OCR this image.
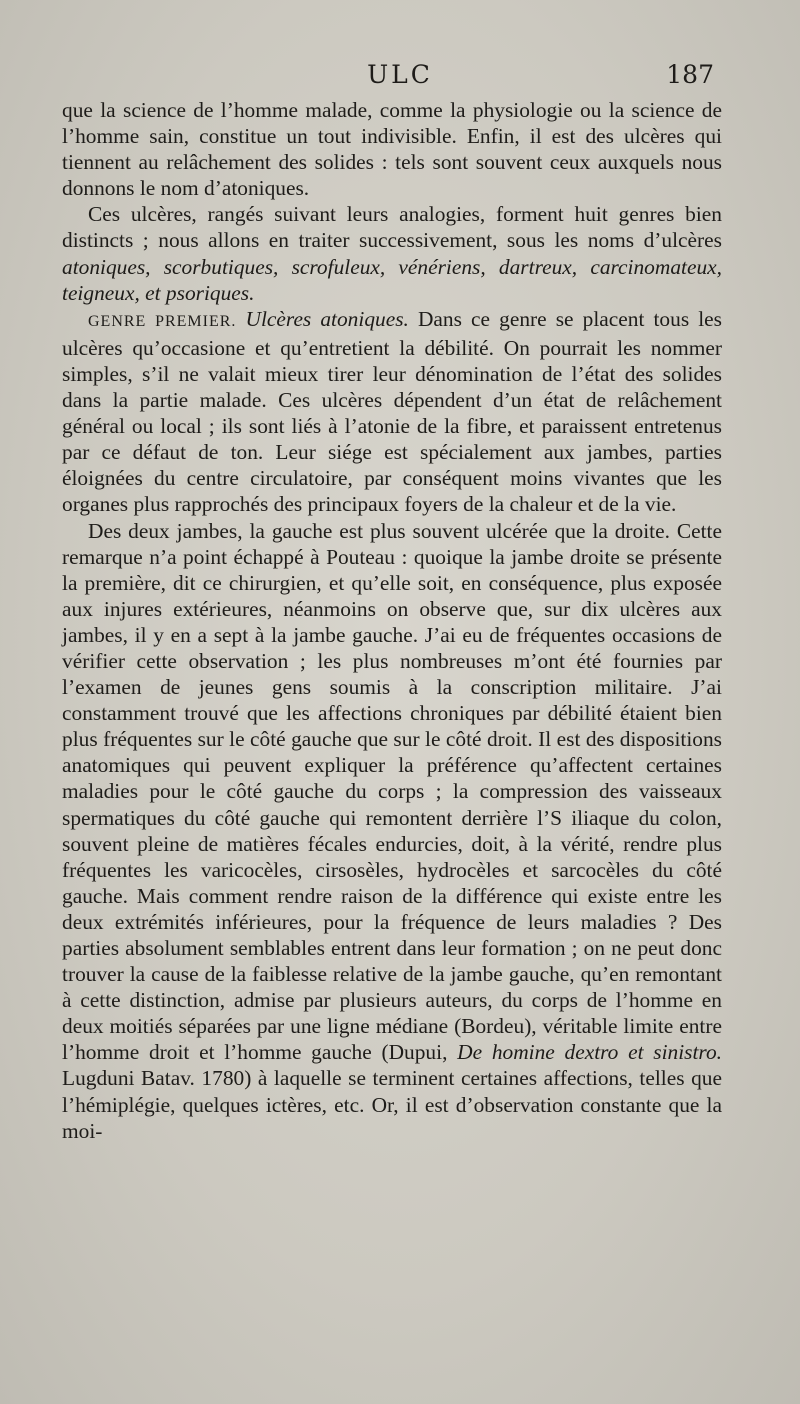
ULC	187

que la science de l’homme malade, comme la physiologie ou la science de l’homme sain, constitue un tout indivisible. Enfin, il est des ulcères qui tiennent au relâchement des solides : tels sont souvent ceux auxquels nous donnons le nom d’atoniques.

Ces ulcères, rangés suivant leurs analogies, forment huit genres bien distincts ; nous allons en traiter successivement, sous les noms d’ulcères atoniques, scorbutiques, scrofuleux, vénériens, dartreux, carcinomateux, teigneux, et psoriques.

GENRE PREMIER. Ulcères atoniques. Dans ce genre se placent tous les ulcères qu’occasione et qu’entretient la débilité. On pourrait les nommer simples, s’il ne valait mieux tirer leur dénomination de l’état des solides dans la partie malade. Ces ulcères dépendent d’un état de relâchement général ou local ; ils sont liés à l’atonie de la fibre, et paraissent entretenus par ce défaut de ton. Leur siége est spécialement aux jambes, parties éloignées du centre circulatoire, par conséquent moins vivantes que les organes plus rapprochés des principaux foyers de la chaleur et de la vie.

Des deux jambes, la gauche est plus souvent ulcérée que la droite. Cette remarque n’a point échappé à Pouteau : quoique la jambe droite se présente la première, dit ce chirurgien, et qu’elle soit, en conséquence, plus exposée aux injures extérieures, néanmoins on observe que, sur dix ulcères aux jambes, il y en a sept à la jambe gauche. J’ai eu de fréquentes occasions de vérifier cette observation ; les plus nombreuses m’ont été fournies par l’examen de jeunes gens soumis à la conscription militaire. J’ai constamment trouvé que les affections chroniques par débilité étaient bien plus fréquentes sur le côté gauche que sur le côté droit. Il est des dispositions anatomiques qui peuvent expliquer la préférence qu’affectent certaines maladies pour le côté gauche du corps ; la compression des vaisseaux spermatiques du côté gauche qui remontent derrière l’S iliaque du colon, souvent pleine de matières fécales endurcies, doit, à la vérité, rendre plus fréquentes les varicocèles, cirsosèles, hydrocèles et sarcocèles du côté gauche. Mais comment rendre raison de la différence qui existe entre les deux extrémités inférieures, pour la fréquence de leurs maladies ? Des parties absolument semblables entrent dans leur formation ; on ne peut donc trouver la cause de la faiblesse relative de la jambe gauche, qu’en remontant à cette distinction, admise par plusieurs auteurs, du corps de l’homme en deux moitiés séparées par une ligne médiane (Bordeu), véritable limite entre l’homme droit et l’homme gauche (Dupui, De homine dextro et sinistro. Lugduni Batav. 1780) à laquelle se terminent certaines affections, telles que l’hémiplégie, quelques ictères, etc. Or, il est d’observation constante que la moi-
